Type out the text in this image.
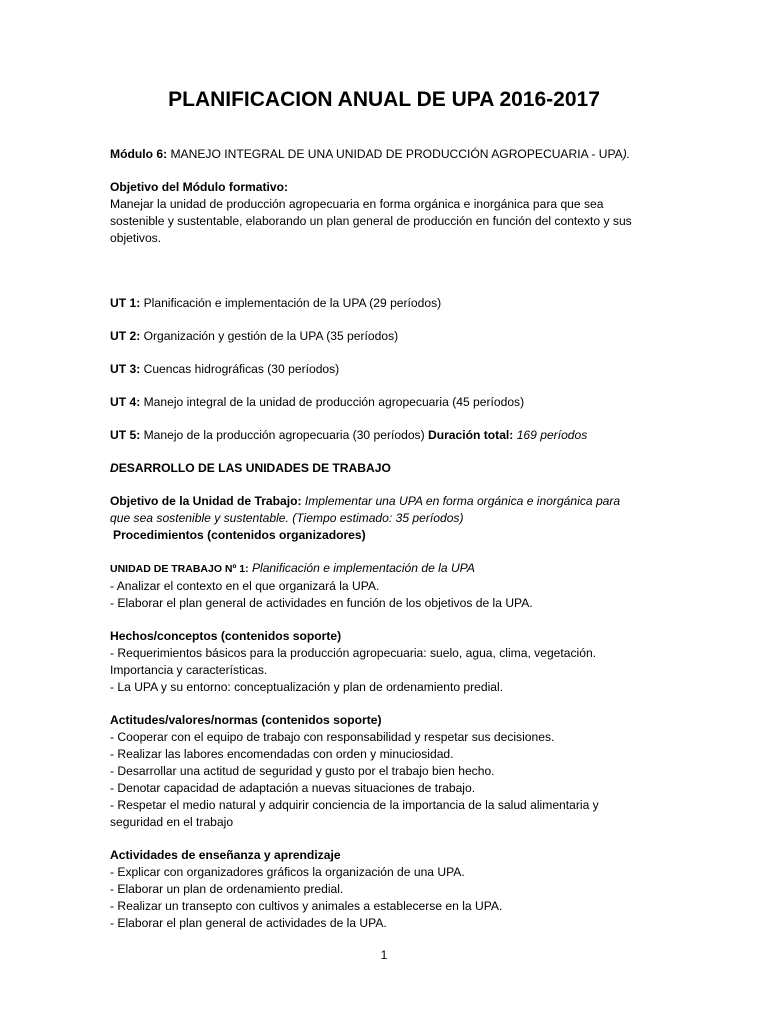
PLANIFICACION ANUAL DE UPA 2016-2017
Módulo 6: MANEJO INTEGRAL DE UNA UNIDAD DE PRODUCCIÓN AGROPECUARIA - UPA).
Objetivo del Módulo formativo:
Manejar la unidad de producción agropecuaria en forma orgánica e inorgánica para que sea
sostenible y sustentable, elaborando un plan general de producción en función del contexto y sus
objetivos.
UT 1: Planificación e implementación de la UPA (29 períodos)
UT 2: Organización y gestión de la UPA (35 períodos)
UT 3: Cuencas hidrográficas (30 períodos)
UT 4: Manejo integral de la unidad de producción agropecuaria (45 períodos)
UT 5: Manejo de la producción agropecuaria (30 períodos) Duración total: 169 períodos
DESARROLLO DE LAS UNIDADES DE TRABAJO
Objetivo de la Unidad de Trabajo: Implementar una UPA en forma orgánica e inorgánica para
que sea sostenible y sustentable. (Tiempo estimado: 35 períodos)
Procedimientos (contenidos organizadores)
UNIDAD DE TRABAJO Nº 1: Planificación e implementación de la UPA
- Analizar el contexto en el que organizará la UPA.
- Elaborar el plan general de actividades en función de los objetivos de la UPA.
Hechos/conceptos (contenidos soporte)
- Requerimientos básicos para la producción agropecuaria: suelo, agua, clima, vegetación.
Importancia y características.
- La UPA y su entorno: conceptualización y plan de ordenamiento predial.
Actitudes/valores/normas (contenidos soporte)
- Cooperar con el equipo de trabajo con responsabilidad y respetar sus decisiones.
- Realizar las labores encomendadas con orden y minuciosidad.
- Desarrollar una actitud de seguridad y gusto por el trabajo bien hecho.
- Denotar capacidad de adaptación a nuevas situaciones de trabajo.
- Respetar el medio natural y adquirir conciencia de la importancia de la salud alimentaria y
seguridad en el trabajo
Actividades de enseñanza y aprendizaje
- Explicar con organizadores gráficos la organización de una UPA.
- Elaborar un plan de ordenamiento predial.
- Realizar un transepto con cultivos y animales a establecerse en la UPA.
- Elaborar el plan general de actividades de la UPA.
1
